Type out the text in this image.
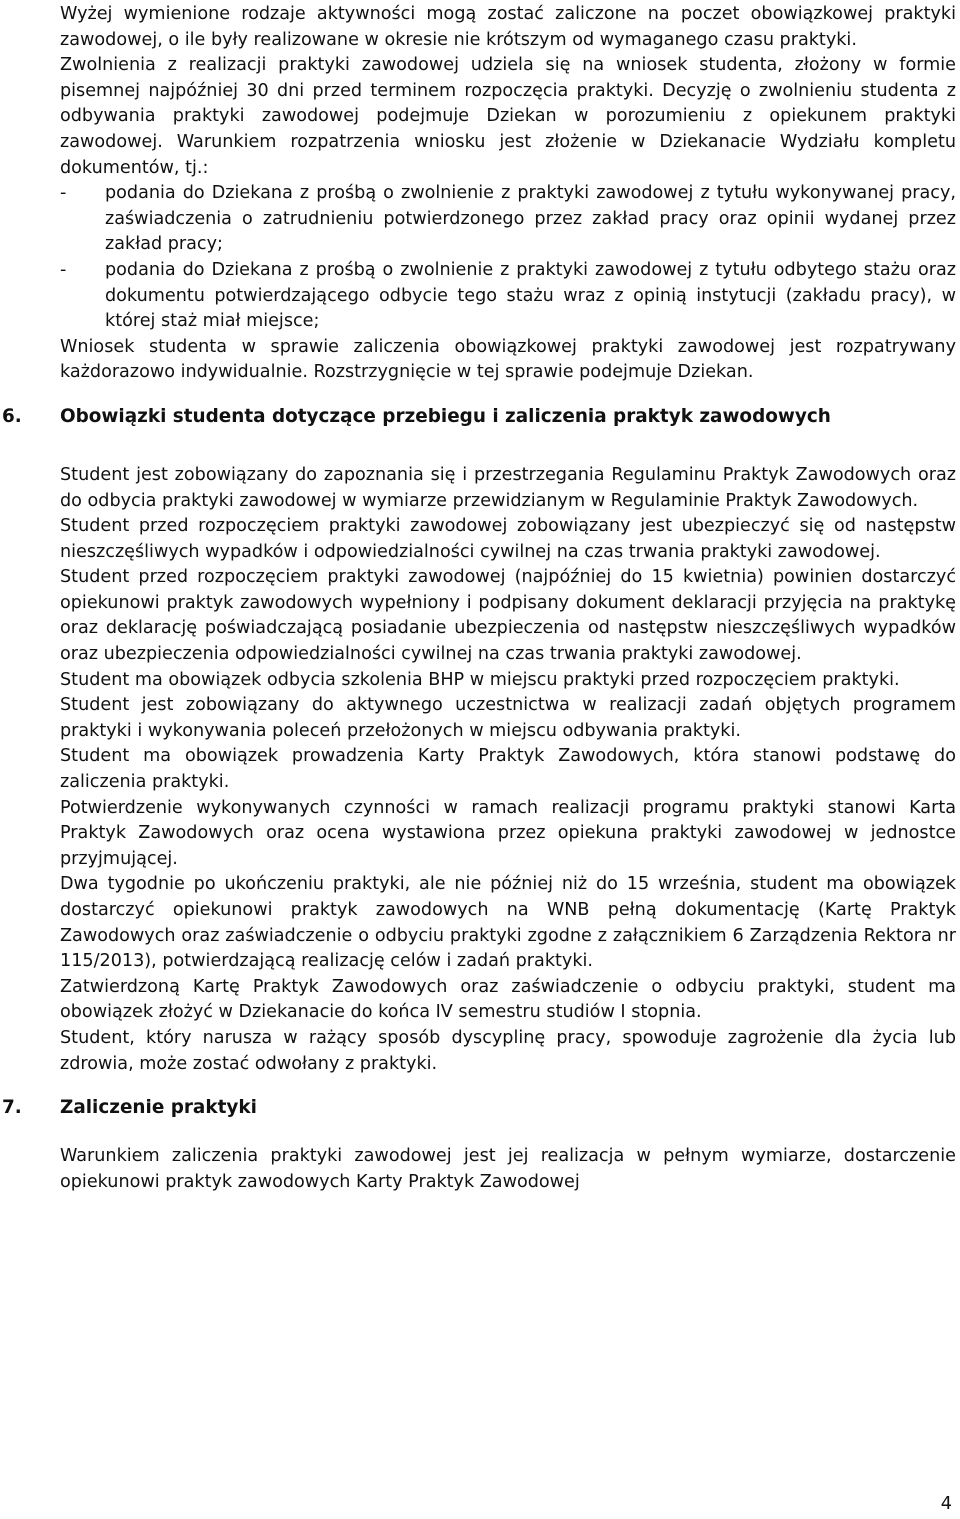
Wyżej wymienione rodzaje aktywności mogą zostać zaliczone na poczet obowiązkowej praktyki zawodowej, o ile były realizowane w okresie nie krótszym od wymaganego czasu praktyki.

Zwolnienia z realizacji praktyki zawodowej udziela się na wniosek studenta, złożony w formie pisemnej najpóźniej 30 dni przed terminem rozpoczęcia praktyki. Decyzję o zwolnieniu studenta z odbywania praktyki zawodowej podejmuje Dziekan w porozumieniu z opiekunem praktyki zawodowej. Warunkiem rozpatrzenia wniosku jest złożenie w Dziekanacie Wydziału kompletu dokumentów, tj.:

- podania do Dziekana z prośbą o zwolnienie z praktyki zawodowej z tytułu wykonywanej pracy, zaświadczenia o zatrudnieniu potwierdzonego przez zakład pracy oraz opinii wydanej przez zakład pracy;
- podania do Dziekana z prośbą o zwolnienie z praktyki zawodowej z tytułu odbytego stażu oraz dokumentu potwierdzającego odbycie tego stażu wraz z opinią instytucji (zakładu pracy), w której staż miał miejsce;

Wniosek studenta w sprawie zaliczenia obowiązkowej praktyki zawodowej jest rozpatrywany każdorazowo indywidualnie. Rozstrzygnięcie w tej sprawie podejmuje Dziekan.

6. Obowiązki studenta dotyczące przebiegu i zaliczenia praktyk zawodowych

Student jest zobowiązany do zapoznania się i przestrzegania Regulaminu Praktyk Zawodowych oraz do odbycia praktyki zawodowej w wymiarze przewidzianym w Regulaminie Praktyk Zawodowych.

Student przed rozpoczęciem praktyki zawodowej zobowiązany jest ubezpieczyć się od następstw nieszczęśliwych wypadków i odpowiedzialności cywilnej na czas trwania praktyki zawodowej.

Student przed rozpoczęciem praktyki zawodowej (najpóźniej do 15 kwietnia) powinien dostarczyć opiekunowi praktyk zawodowych wypełniony i podpisany dokument deklaracji przyjęcia na praktykę oraz deklarację poświadczającą posiadanie ubezpieczenia od następstw nieszczęśliwych wypadków oraz ubezpieczenia odpowiedzialności cywilnej na czas trwania praktyki zawodowej.

Student ma obowiązek odbycia szkolenia BHP w miejscu praktyki przed rozpoczęciem praktyki.

Student jest zobowiązany do aktywnego uczestnictwa w realizacji zadań objętych programem praktyki i wykonywania poleceń przełożonych w miejscu odbywania praktyki.

Student ma obowiązek prowadzenia Karty Praktyk Zawodowych, która stanowi podstawę do zaliczenia praktyki.

Potwierdzenie wykonywanych czynności w ramach realizacji programu praktyki stanowi Karta Praktyk Zawodowych oraz ocena wystawiona przez opiekuna praktyki zawodowej w jednostce przyjmującej.

Dwa tygodnie po ukończeniu praktyki, ale nie później niż do 15 września, student ma obowiązek dostarczyć opiekunowi praktyk zawodowych na WNB pełną dokumentację (Kartę Praktyk Zawodowych oraz zaświadczenie o odbyciu praktyki zgodne z załącznikiem 6 Zarządzenia Rektora nr 115/2013), potwierdzającą realizację celów i zadań praktyki.

Zatwierdzoną Kartę Praktyk Zawodowych oraz zaświadczenie o odbyciu praktyki, student ma obowiązek złożyć w Dziekanacie do końca IV semestru studiów I stopnia.

Student, który narusza w rażący sposób dyscyplinę pracy, spowoduje zagrożenie dla życia lub zdrowia, może zostać odwołany z praktyki.

7. Zaliczenie praktyki

Warunkiem zaliczenia praktyki zawodowej jest jej realizacja w pełnym wymiarze, dostarczenie opiekunowi praktyk zawodowych Karty Praktyk Zawodowej

4
